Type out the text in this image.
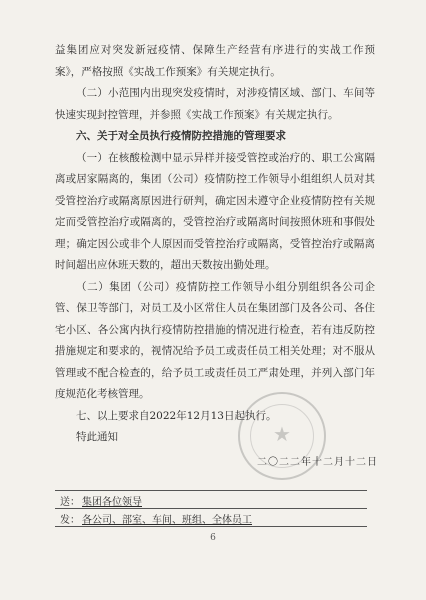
益集团应对突发新冠疫情、保障生产经营有序进行的实战工作预案》，严格按照《实战工作预案》有关规定执行。

（二）小范围内出现突发疫情时，对涉疫情区域、部门、车间等快速实现封控管理，并参照《实战工作预案》有关规定执行。

六、关于对全员执行疫情防控措施的管理要求

（一）在核酸检测中显示异样并接受管控或治疗的、职工公寓隔离或居家隔离的，集团（公司）疫情防控工作领导小组组织人员对其受管控治疗或隔离原因进行研判，确定因未遵守企业疫情防控有关规定而受管控治疗或隔离的，受管控治疗或隔离时间按照休班和事假处理；确定因公或非个人原因而受管控治疗或隔离，受管控治疗或隔离时间超出应休班天数的，超出天数按出勤处理。

（二）集团（公司）疫情防控工作领导小组分别组织各公司企管、保卫等部门，对员工及小区常住人员在集团部门及各公司、各住宅小区、各公寓内执行疫情防控措施的情况进行检查，若有违反防控措施规定和要求的，视情况给予员工或责任员工相关处理；对不服从管理或不配合检查的，给予员工或责任员工严肃处理，并列入部门年度规范化考核管理。

七、以上要求自2022年12月13日起执行。

特此通知	★
二〇二二年十二月十二日
送： 集团各位领导
发： 各公司、部室、车间、班组、全体员工
6
